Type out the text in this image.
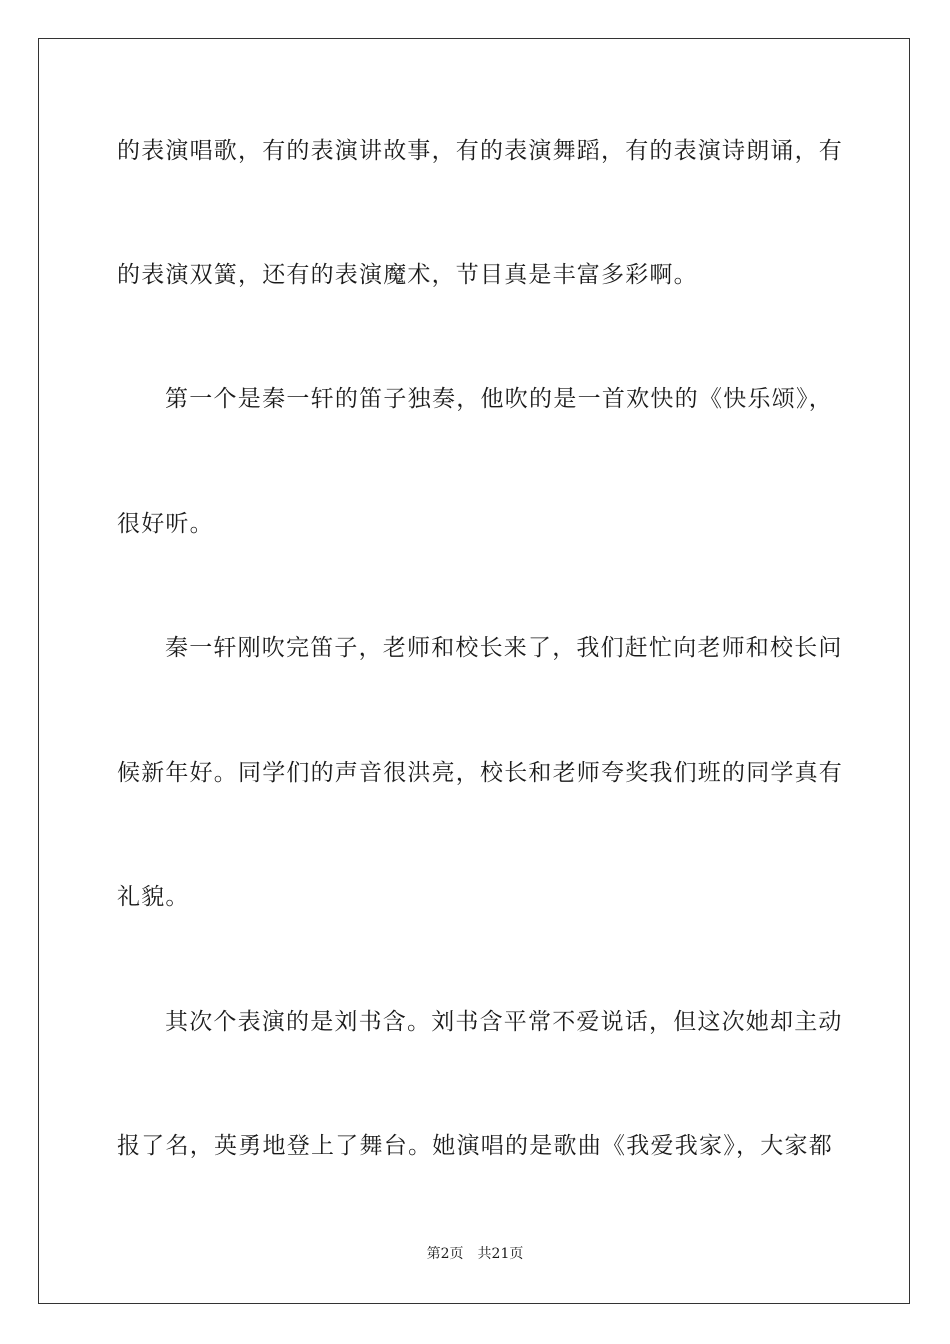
的表演唱歌，有的表演讲故事，有的表演舞蹈，有的表演诗朗诵，有
的表演双簧，还有的表演魔术，节目真是丰富多彩啊。
第一个是秦一轩的笛子独奏，他吹的是一首欢快的《快乐颂》，
很好听。
秦一轩刚吹完笛子，老师和校长来了，我们赶忙向老师和校长问
候新年好。同学们的声音很洪亮，校长和老师夸奖我们班的同学真有
礼貌。
其次个表演的是刘书含。刘书含平常不爱说话，但这次她却主动
报了名，英勇地登上了舞台。她演唱的是歌曲《我爱我家》，大家都
第2页　共21页
